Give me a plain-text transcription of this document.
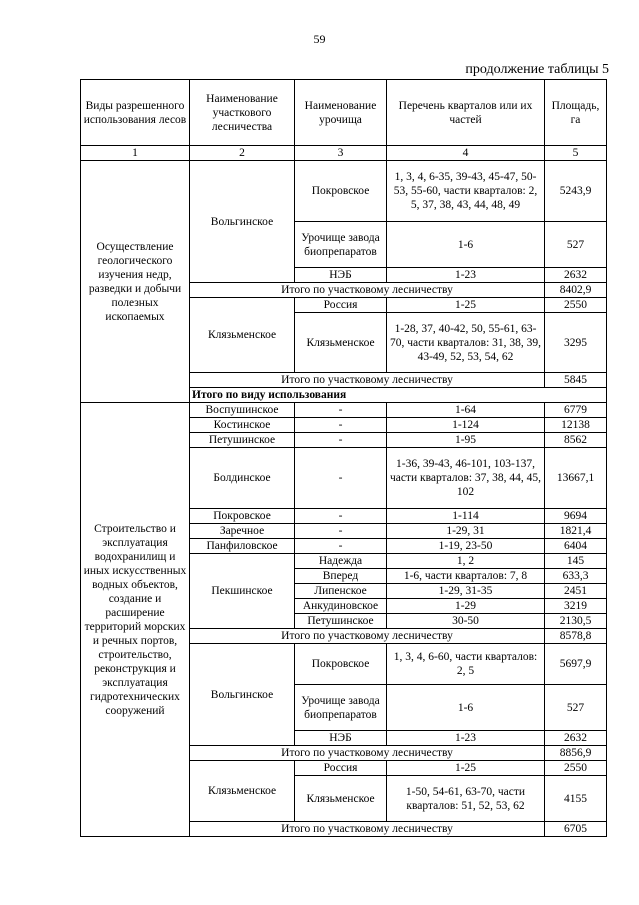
59
продолжение таблицы 5
Виды разрешенного использования лесов	Наименование участкового лесничества	Наименование урочища	Перечень кварталов или их частей	Площадь, га	
1	2	3	4	5	
Осуществление геологического изучения недр, разведки и добычи полезных ископаемых	Вольгинское	Покровское	1, 3, 4, 6-35, 39-43, 45-47, 50-53, 55-60, части кварталов: 2, 5, 37, 38, 43, 44, 48, 49	5243,9	
		Урочище завода биопрепаратов	1-6	527	
		НЭБ	1-23	2632	
	Итого по участковому лесничеству			8402,9	
	Клязьменское	Россия	1-25	2550	
		Клязьменское	1-28, 37, 40-42, 50, 55-61, 63-70, части кварталов: 31, 38, 39, 43-49, 52, 53, 54, 62	3295	
	Итого по участковому лесничеству			5845	
	Итого по виду использования	
Строительство и эксплуатация водохранилищ и иных искусственных водных объектов, создание и расширение территорий морских и речных портов, строительство, реконструкция и эксплуатация гидротехнических сооружений	Воспушинское	-	1-64	6779	
	Костинское	-	1-124	12138	
	Петушинское	-	1-95	8562	
	Болдинское	-	1-36, 39-43, 46-101, 103-137, части кварталов: 37, 38, 44, 45, 102	13667,1	
	Покровское	-	1-114	9694	
	Заречное	-	1-29, 31	1821,4	
	Панфиловское	-	1-19, 23-50	6404	
	Пекшинское	Надежда	1, 2	145	
		Вперед	1-6, части кварталов: 7, 8	633,3	
		Липенское	1-29, 31-35	2451	
		Анкудиновское	1-29	3219	
		Петушинское	30-50	2130,5	
	Итого по участковому лесничеству			8578,8	
	Вольгинское	Покровское	1, 3, 4, 6-60, части кварталов: 2, 5	5697,9	
		Урочище завода биопрепаратов	1-6	527	
		НЭБ	1-23	2632	
	Итого по участковому лесничеству			8856,9	
	Клязьменское	Россия	1-25	2550	
		Клязьменское	1-50, 54-61, 63-70, части кварталов: 51, 52, 53, 62	4155	
	Итого по участковому лесничеству			6705	
